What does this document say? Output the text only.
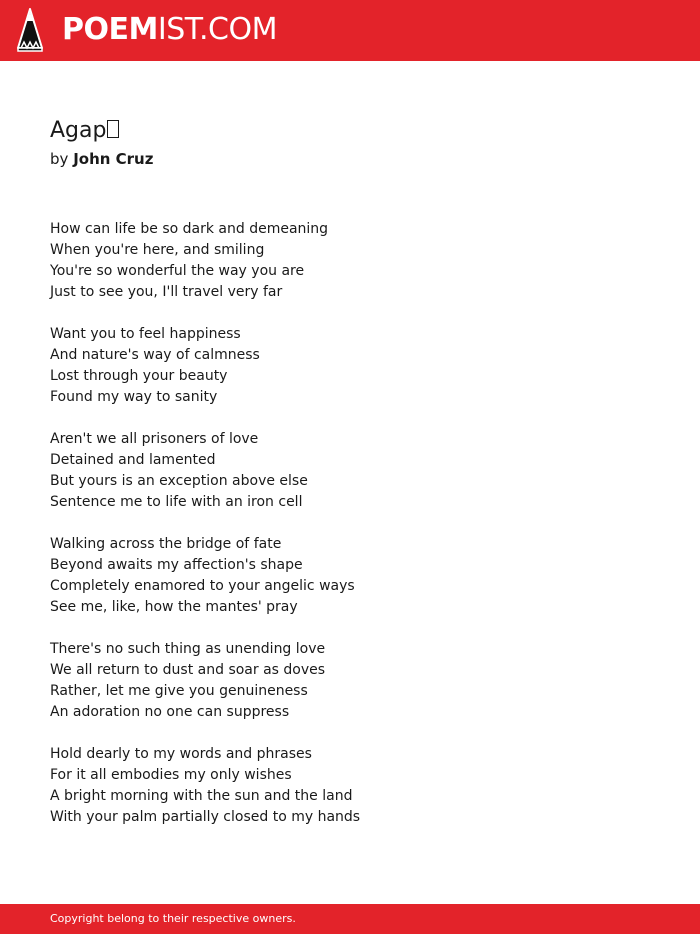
POEMIST.COM
Agap
by John Cruz
How can life be so dark and demeaning
When you're here, and smiling
You're so wonderful the way you are
Just to see you, I'll travel very far
Want you to feel happiness
And nature's way of calmness
Lost through your beauty
Found my way to sanity
Aren't we all prisoners of love
Detained and lamented
But yours is an exception above else
Sentence me to life with an iron cell
Walking across the bridge of fate
Beyond awaits my affection's shape
Completely enamored to your angelic ways
See me, like, how the mantes' pray
There's no such thing as unending love
We all return to dust and soar as doves
Rather, let me give you genuineness
An adoration no one can suppress
Hold dearly to my words and phrases
For it all embodies my only wishes
A bright morning with the sun and the land
With your palm partially closed to my hands
Copyright belong to their respective owners.
